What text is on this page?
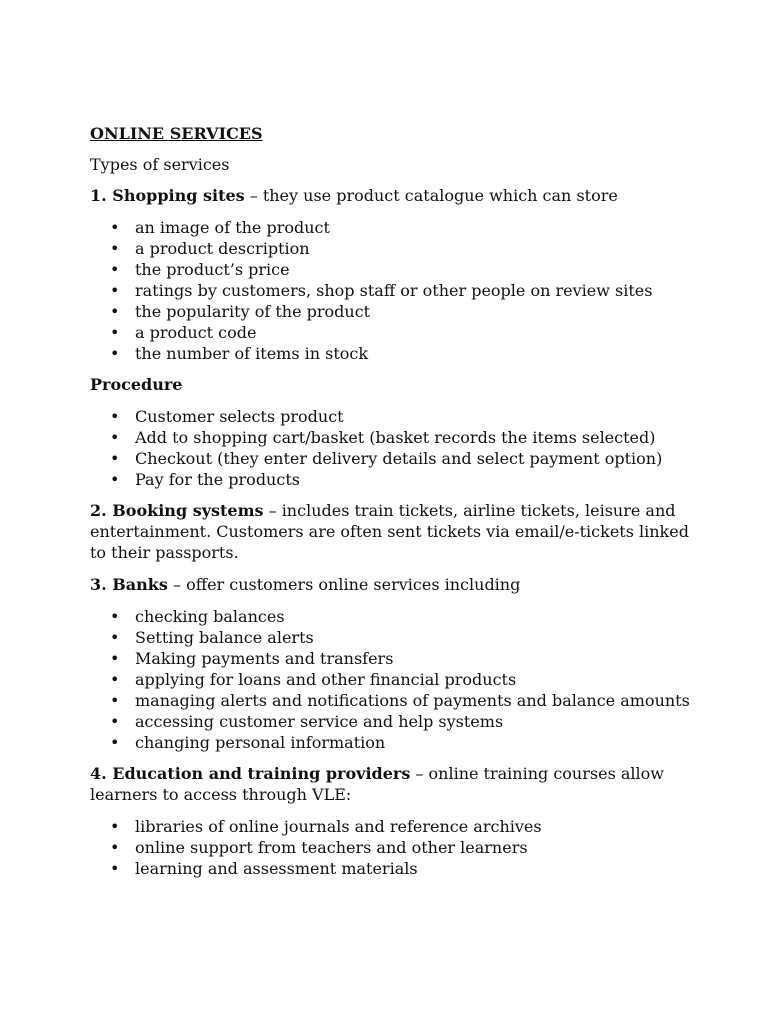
ONLINE SERVICES

Types of services

1. Shopping sites – they use product catalogue which can store

• an image of the product
• a product description
• the product’s price
• ratings by customers, shop staff or other people on review sites
• the popularity of the product
• a product code
• the number of items in stock

Procedure

• Customer selects product
• Add to shopping cart/basket (basket records the items selected)
• Checkout (they enter delivery details and select payment option)
• Pay for the products

2. Booking systems – includes train tickets, airline tickets, leisure and entertainment. Customers are often sent tickets via email/e-tickets linked to their passports.

3. Banks – offer customers online services including

• checking balances
• Setting balance alerts
• Making payments and transfers
• applying for loans and other financial products
• managing alerts and notifications of payments and balance amounts
• accessing customer service and help systems
• changing personal information

4. Education and training providers – online training courses allow learners to access through VLE:

• libraries of online journals and reference archives
• online support from teachers and other learners
• learning and assessment materials
